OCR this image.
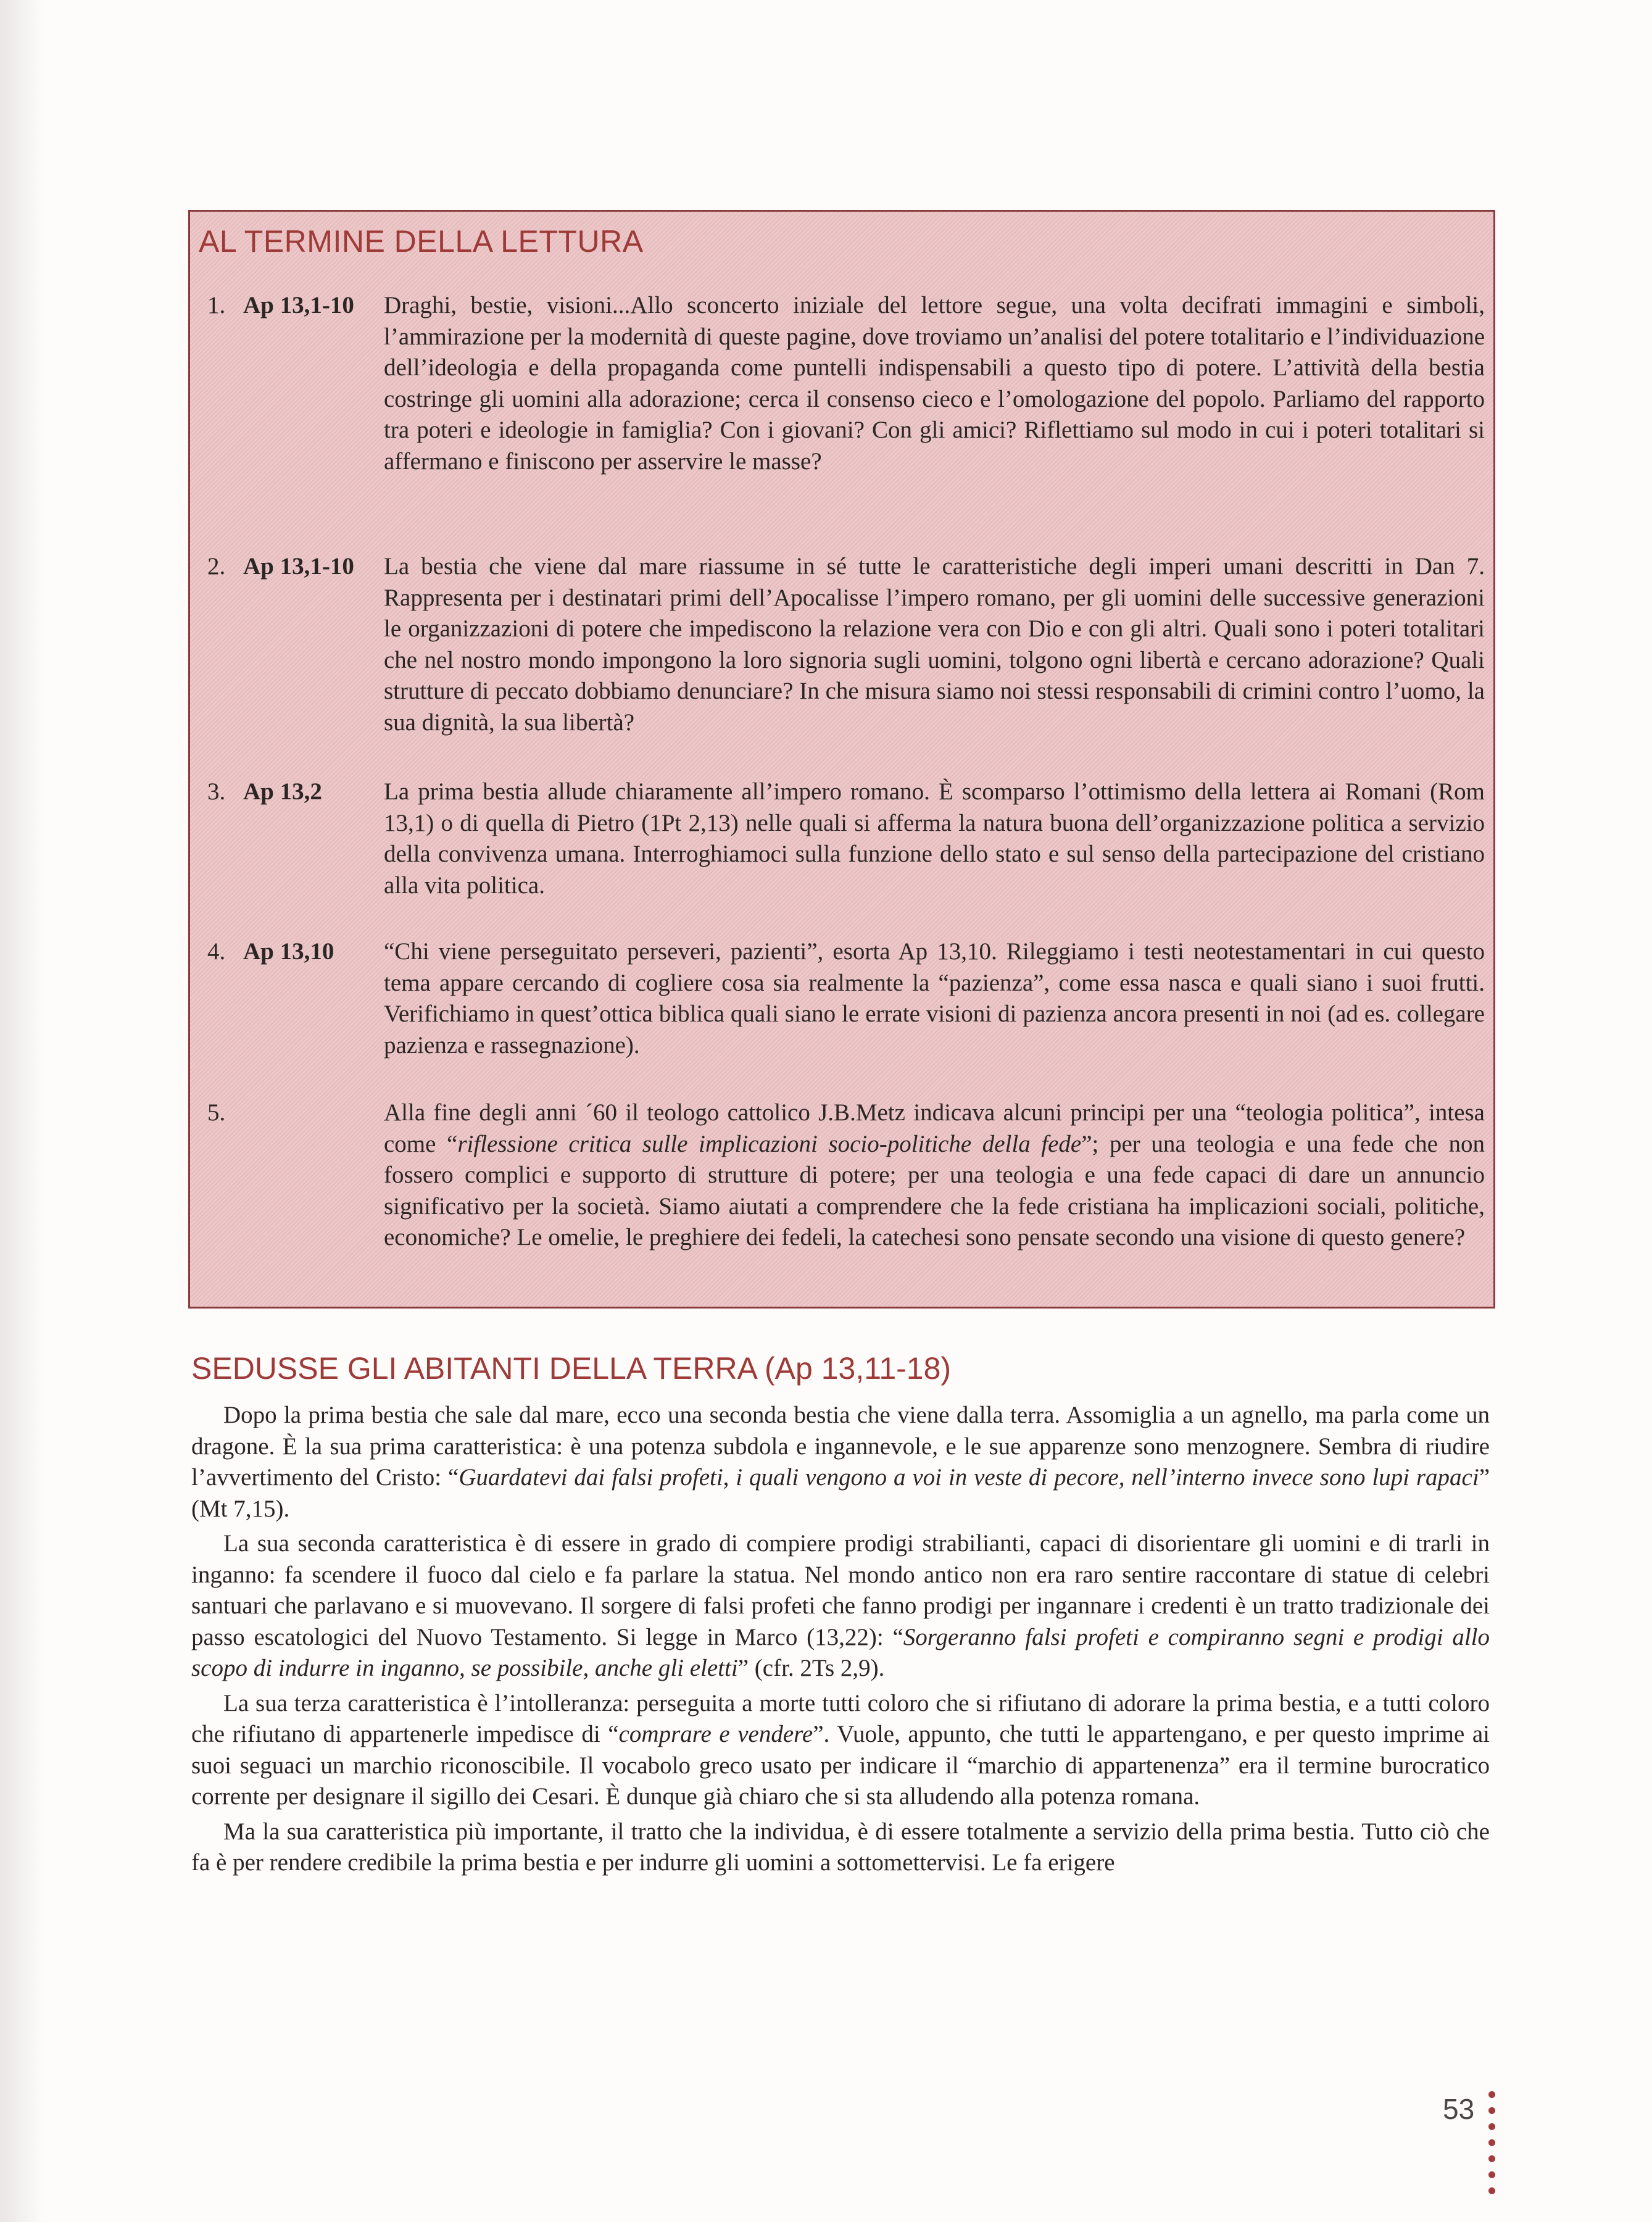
AL TERMINE DELLA LETTURA
1. Ap 13,1-10 Draghi, bestie, visioni...Allo sconcerto iniziale del lettore segue, una volta decifrati immagini e simboli, l’ammirazione per la modernità di queste pagine, dove troviamo un’analisi del potere totalitario e l’individuazione dell’ideologia e della propaganda come puntelli indispensabili a questo tipo di potere. L’attività della bestia costringe gli uomini alla adorazione; cerca il consenso cieco e l’omologazione del popolo. Parliamo del rapporto tra poteri e ideologie in famiglia? Con i giovani? Con gli amici? Riflettiamo sul modo in cui i poteri totalitari si affermano e finiscono per asservire le masse?
2. Ap 13,1-10 La bestia che viene dal mare riassume in sé tutte le caratteristiche degli imperi umani descritti in Dan 7. Rappresenta per i destinatari primi dell’Apocalisse l’impero romano, per gli uomini delle successive generazioni le organizzazioni di potere che impediscono la relazione vera con Dio e con gli altri. Quali sono i poteri totalitari che nel nostro mondo impongono la loro signoria sugli uomini, tolgono ogni libertà e cercano adorazione? Quali strutture di peccato dobbiamo denunciare? In che misura siamo noi stessi responsabili di crimini contro l’uomo, la sua dignità, la sua libertà?
3. Ap 13,2	La prima bestia allude chiaramente all’impero romano. È scomparso l’ottimismo della lettera ai Romani (Rom 13,1) o di quella di Pietro (1Pt 2,13) nelle quali si afferma la natura buona dell’organizzazione politica a servizio della convivenza umana. Interroghiamoci sulla funzione dello stato e sul senso della partecipazione del cristiano alla vita politica.
4. Ap 13,10 “Chi viene perseguitato perseveri, pazienti”, esorta Ap 13,10. Rileggiamo i testi neotestamentari in cui questo tema appare cercando di cogliere cosa sia realmente la “pazienza”, come essa nasca e quali siano i suoi frutti. Verifichiamo in quest’ottica biblica quali siano le errate visioni di pazienza ancora presenti in noi (ad es. collegare pazienza e rassegnazione).
5.	Alla fine degli anni ´60 il teologo cattolico J.B.Metz indicava alcuni principi per una “teologia politica”, intesa come “riflessione critica sulle implicazioni socio-politiche della fede”; per una teologia e una fede che non fossero complici e supporto di strutture di potere; per una teologia e una fede capaci di dare un annuncio significativo per la società. Siamo aiutati a comprendere che la fede cristiana ha implicazioni sociali, politiche, economiche? Le omelie, le preghiere dei fedeli, la catechesi sono pensate secondo una visione di questo genere?
SEDUSSE GLI ABITANTI DELLA TERRA (Ap 13,11-18)

Dopo la prima bestia che sale dal mare, ecco una seconda bestia che viene dalla terra. Assomiglia a un agnello, ma parla come un dragone. È la sua prima caratteristica: è una potenza subdola e ingannevole, e le sue apparenze sono menzognere. Sembra di riudire l’avvertimento del Cristo: “Guardatevi dai falsi profeti, i quali vengono a voi in veste di pecore, nell’interno invece sono lupi rapaci” (Mt 7,15).

La sua seconda caratteristica è di essere in grado di compiere prodigi strabilianti, capaci di disorientare gli uomini e di trarli in inganno: fa scendere il fuoco dal cielo e fa parlare la statua. Nel mondo antico non era raro sentire raccontare di statue di celebri santuari che parlavano e si muovevano. Il sorgere di falsi profeti che fanno prodigi per ingannare i credenti è un tratto tradizionale dei passo escatologici del Nuovo Testamento. Si legge in Marco (13,22): “Sorgeranno falsi profeti e compiranno segni e prodigi allo scopo di indurre in inganno, se possibile, anche gli eletti” (cfr. 2Ts 2,9).

La sua terza caratteristica è l’intolleranza: perseguita a morte tutti coloro che si rifiutano di adorare la prima bestia, e a tutti coloro che rifiutano di appartenerle impedisce di “comprare e vendere”. Vuole, appunto, che tutti le appartengano, e per questo imprime ai suoi seguaci un marchio riconoscibile. Il vocabolo greco usato per indicare il “marchio di appartenenza” era il termine burocratico corrente per designare il sigillo dei Cesari. È dunque già chiaro che si sta alludendo alla potenza romana.

Ma la sua caratteristica più importante, il tratto che la individua, è di essere totalmente a servizio della prima bestia. Tutto ciò che fa è per rendere credibile la prima bestia e per indurre gli uomini a sottomettervisi. Le fa erigere

53
